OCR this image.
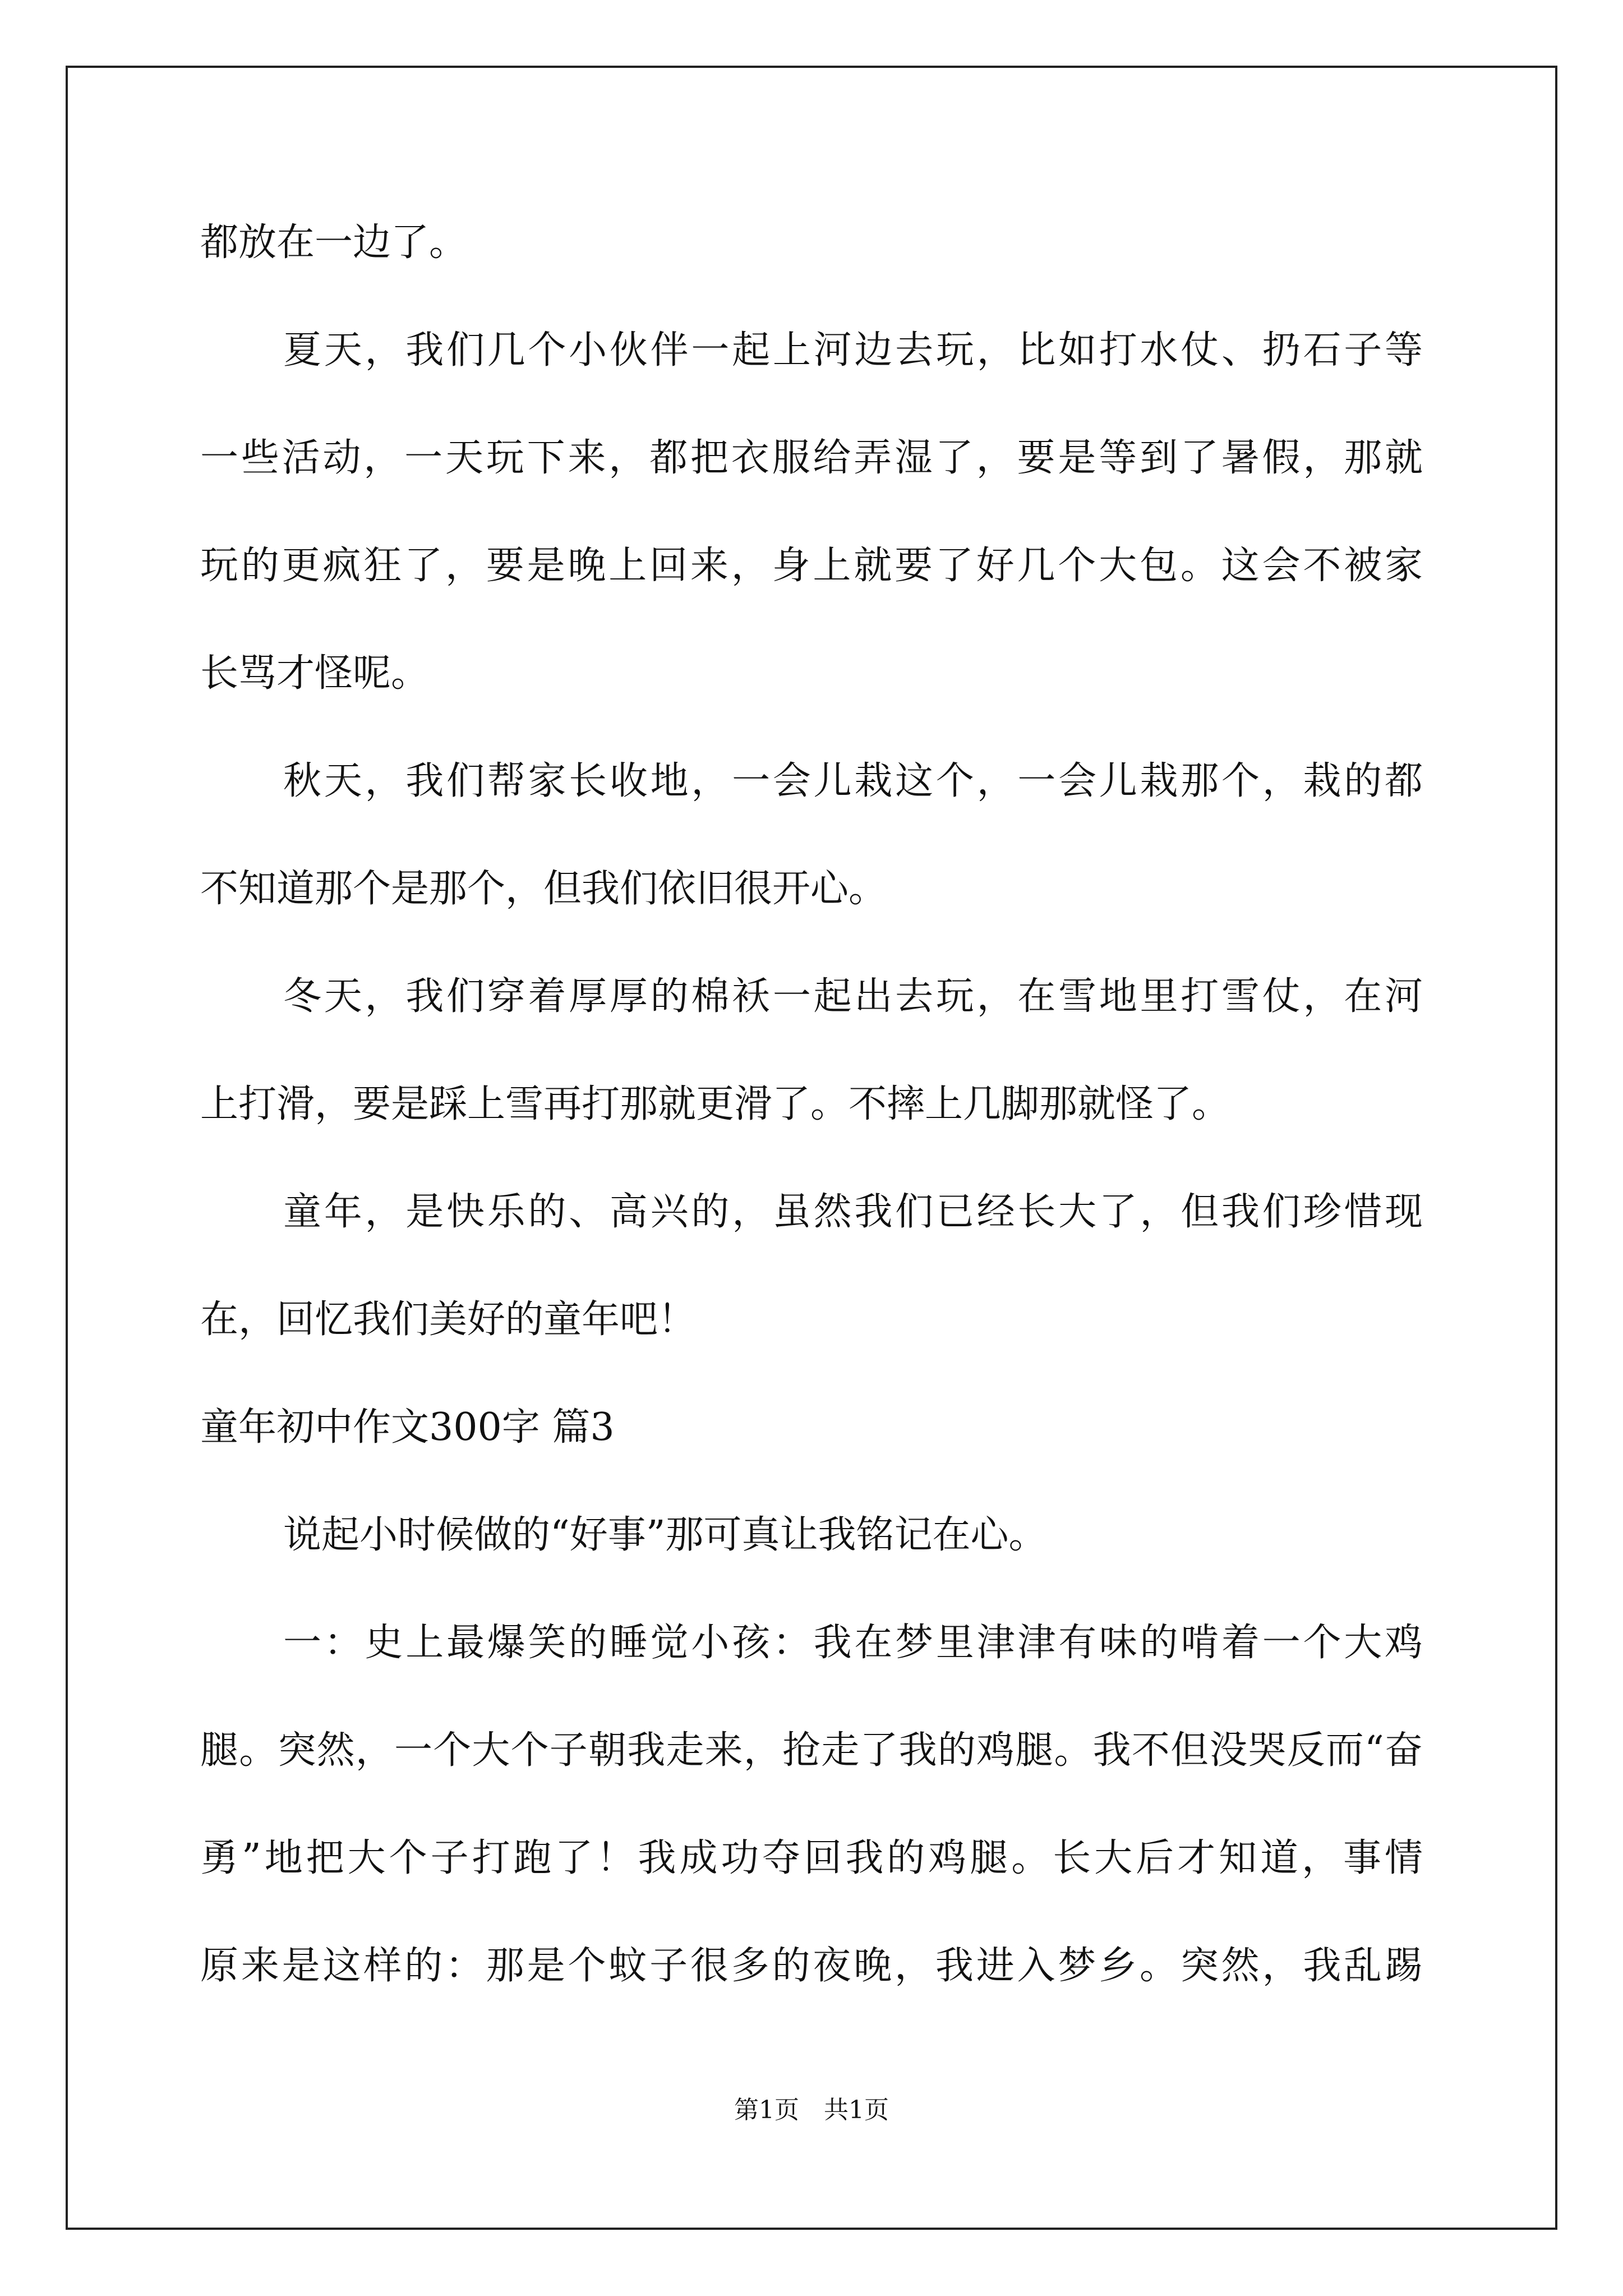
都放在一边了。
夏天，我们几个小伙伴一起上河边去玩，比如打水仗、扔石子等
一些活动，一天玩下来，都把衣服给弄湿了，要是等到了暑假，那就
玩的更疯狂了，要是晚上回来，身上就要了好几个大包。这会不被家
长骂才怪呢。
秋天，我们帮家长收地，一会儿栽这个，一会儿栽那个，栽的都
不知道那个是那个，但我们依旧很开心。
冬天，我们穿着厚厚的棉袄一起出去玩，在雪地里打雪仗，在河
上打滑，要是踩上雪再打那就更滑了。不摔上几脚那就怪了。
童年，是快乐的、高兴的，虽然我们已经长大了，但我们珍惜现
在，回忆我们美好的童年吧！
童年初中作文300字 篇3
说起小时候做的“好事”那可真让我铭记在心。
一：史上最爆笑的睡觉小孩：我在梦里津津有味的啃着一个大鸡
腿。突然，一个大个子朝我走来，抢走了我的鸡腿。我不但没哭反而“奋
勇”地把大个子打跑了！我成功夺回我的鸡腿。长大后才知道，事情
原来是这样的：那是个蚊子很多的夜晚，我进入梦乡。突然，我乱踢
第1页　共1页
